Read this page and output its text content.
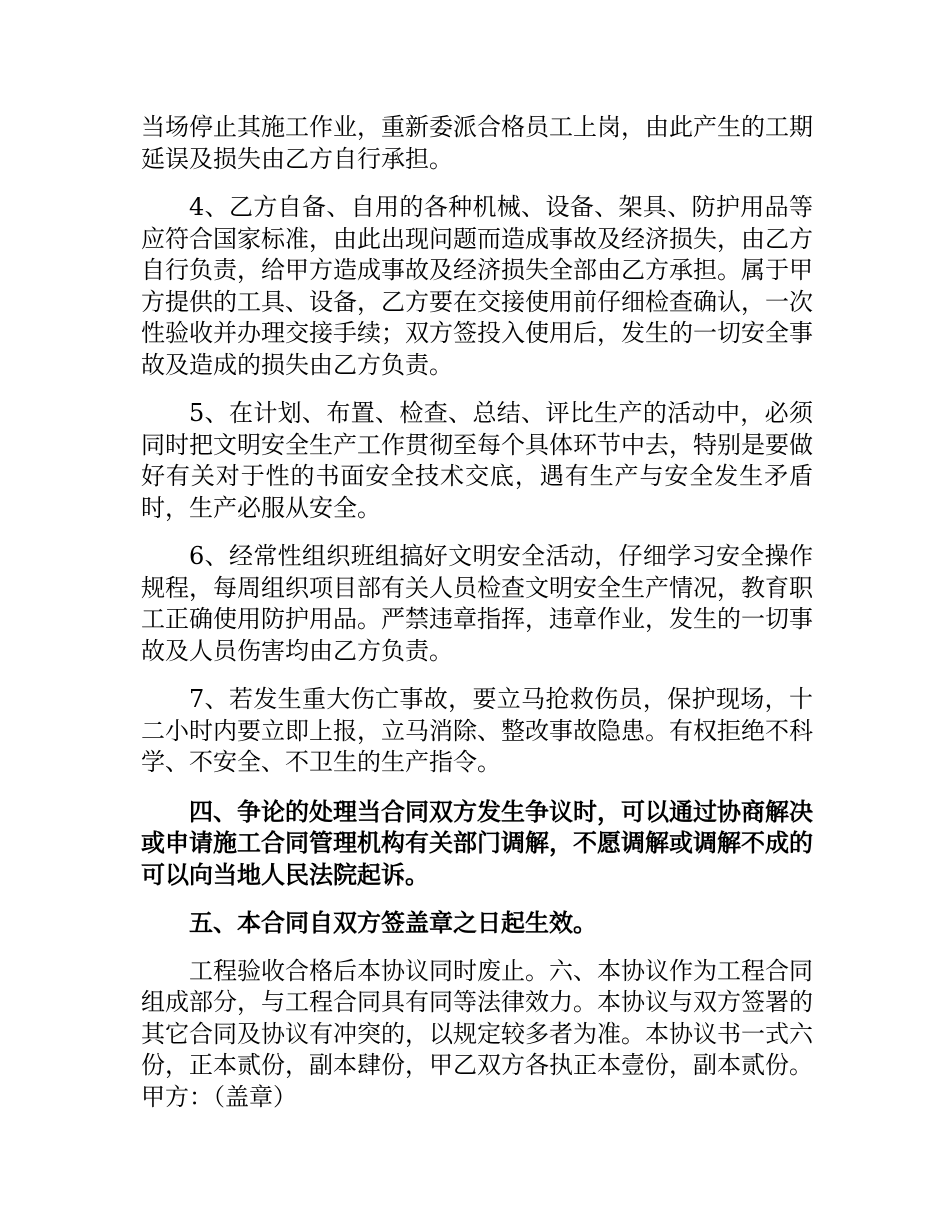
当场停止其施工作业，重新委派合格员工上岗，由此产生的工期延误及损失由乙方自行承担。

4、乙方自备、自用的各种机械、设备、架具、防护用品等应符合国家标准，由此出现问题而造成事故及经济损失，由乙方自行负责，给甲方造成事故及经济损失全部由乙方承担。属于甲方提供的工具、设备，乙方要在交接使用前仔细检查确认，一次性验收并办理交接手续；双方签投入使用后，发生的一切安全事故及造成的损失由乙方负责。

5、在计划、布置、检查、总结、评比生产的活动中，必须同时把文明安全生产工作贯彻至每个具体环节中去，特别是要做好有关对于性的书面安全技术交底，遇有生产与安全发生矛盾时，生产必服从安全。

6、经常性组织班组搞好文明安全活动，仔细学习安全操作规程，每周组织项目部有关人员检查文明安全生产情况，教育职工正确使用防护用品。严禁违章指挥，违章作业，发生的一切事故及人员伤害均由乙方负责。

7、若发生重大伤亡事故，要立马抢救伤员，保护现场，十二小时内要立即上报，立马消除、整改事故隐患。有权拒绝不科学、不安全、不卫生的生产指令。

四、争论的处理当合同双方发生争议时，可以通过协商解决或申请施工合同管理机构有关部门调解，不愿调解或调解不成的可以向当地人民法院起诉。

五、本合同自双方签盖章之日起生效。

工程验收合格后本协议同时废止。六、本协议作为工程合同组成部分，与工程合同具有同等法律效力。本协议与双方签署的其它合同及协议有冲突的，以规定较多者为准。本协议书一式六份，正本贰份，副本肆份，甲乙双方各执正本壹份，副本贰份。甲方：（盖章）
